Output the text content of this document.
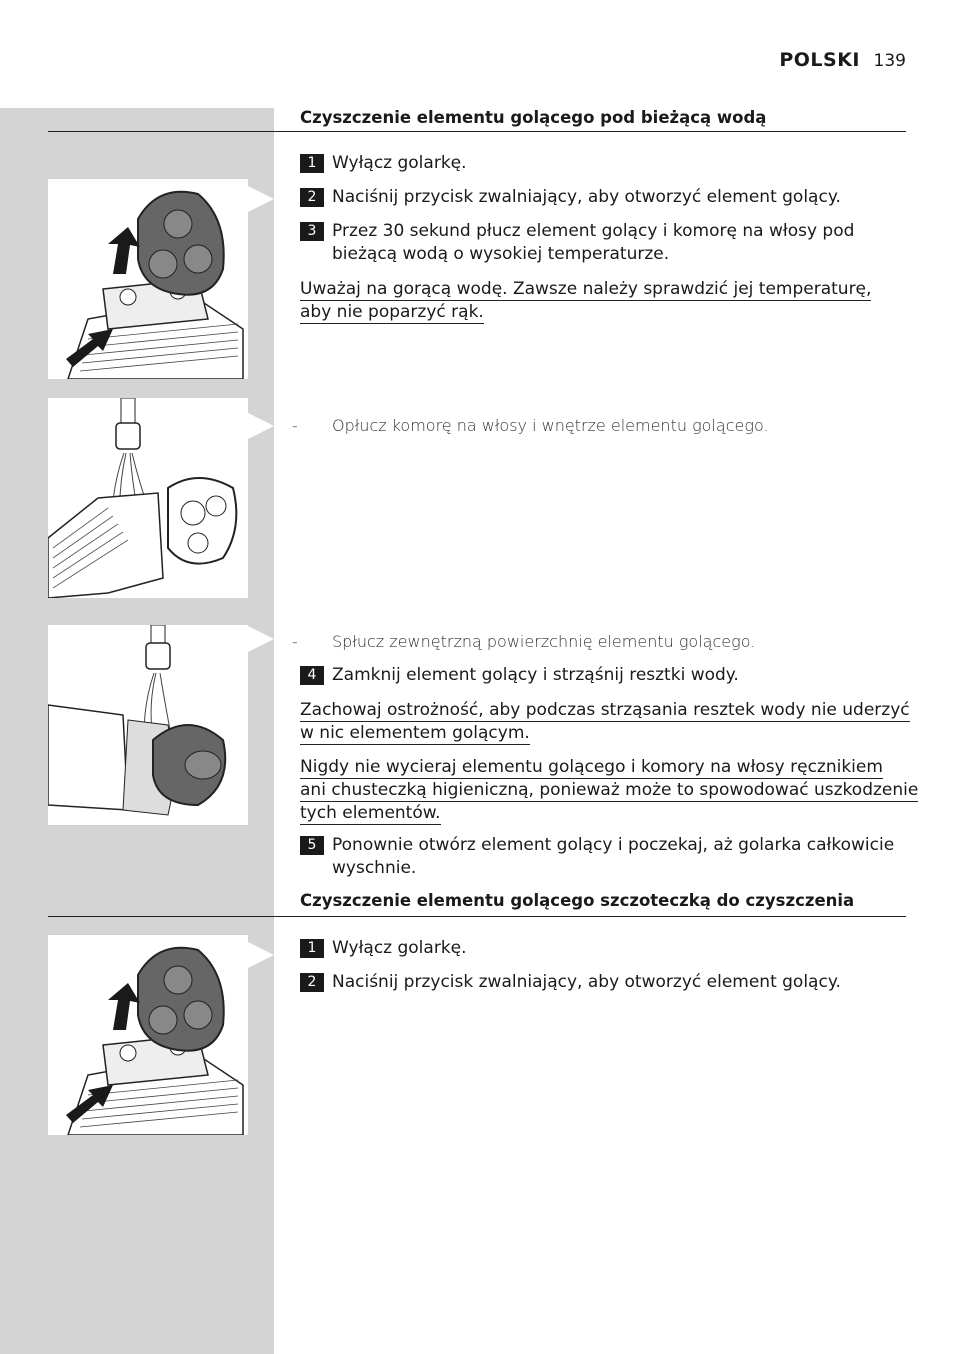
POLSKI 139
Czyszczenie elementu golącego pod bieżącą wodą
1 Wyłącz golarkę.
2 Naciśnij przycisk zwalniający, aby otworzyć element golący.
3 Przez 30 sekund płucz element golący i komorę na włosy pod bieżącą wodą o wysokiej temperaturze.
Uważaj na gorącą wodę. Zawsze należy sprawdzić jej temperaturę,
aby nie poparzyć rąk.
-	Opłucz komorę na włosy i wnętrze elementu golącego.
-	Spłucz zewnętrzną powierzchnię elementu golącego.
4 Zamknij element golący i strząśnij resztki wody.
Zachowaj ostrożność, aby podczas strząsania resztek wody nie uderzyć
w nic elementem golącym.
Nigdy nie wycieraj elementu golącego i komory na włosy ręcznikiem
ani chusteczką higieniczną, ponieważ może to spowodować uszkodzenie
tych elementów.
5 Ponownie otwórz element golący i poczekaj, aż golarka całkowicie wyschnie.
Czyszczenie elementu golącego szczoteczką do czyszczenia
1 Wyłącz golarkę.
2 Naciśnij przycisk zwalniający, aby otworzyć element golący.
